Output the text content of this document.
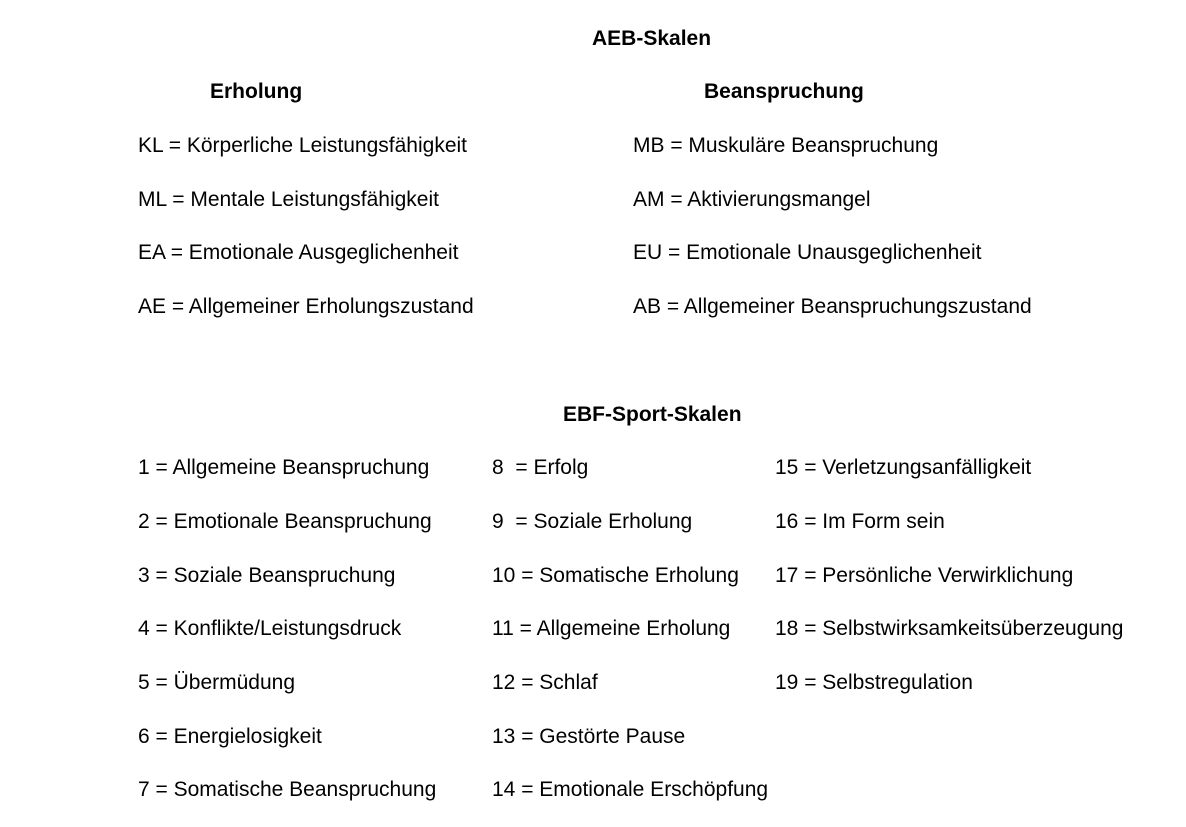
AEB-Skalen
Erholung	Beanspruchung
KL = Körperliche Leistungsfähigkeit
ML = Mentale Leistungsfähigkeit
EA = Emotionale Ausgeglichenheit
AE = Allgemeiner Erholungszustand
MB = Muskuläre Beanspruchung
AM = Aktivierungsmangel
EU = Emotionale Unausgeglichenheit
AB = Allgemeiner Beanspruchungszustand
EBF-Sport-Skalen
1 = Allgemeine Beanspruchung
2 = Emotionale Beanspruchung
3 = Soziale Beanspruchung
4 = Konflikte/Leistungsdruck
5 = Übermüdung
6 = Energielosigkeit
7 = Somatische Beanspruchung
8  = Erfolg
9  = Soziale Erholung
10 = Somatische Erholung
11 = Allgemeine Erholung
12 = Schlaf
13 = Gestörte Pause
14 = Emotionale Erschöpfung
15 = Verletzungsanfälligkeit
16 = Im Form sein
17 = Persönliche Verwirklichung
18 = Selbstwirksamkeitsüberzeugung
19 = Selbstregulation
